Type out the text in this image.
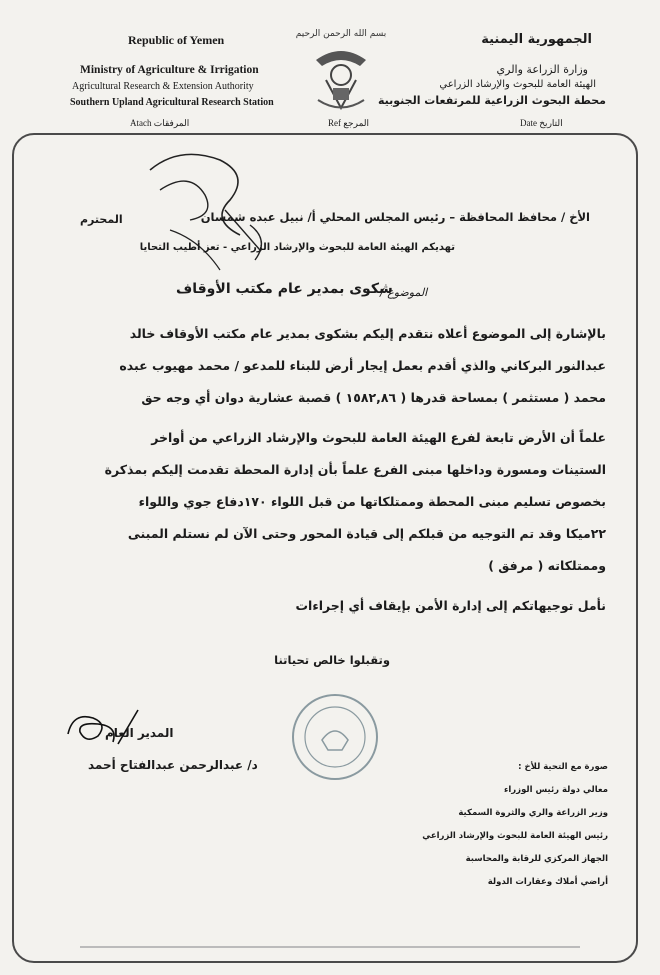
Republic of Yemen
Ministry of Agriculture & Irrigation
Agricultural Research & Extension Authority
Southern Upland Agricultural Research Station
الجمهورية اليمنية
وزارة الزراعة والري
الهيئة العامة للبحوث والإرشاد الزراعي
محطة البحوث الزراعية للمرتفعات الجنوبية
بسم الله الرحمن الرحيم
Atach المرفقات	Ref المرجع	Date التاريخ
الأخ / محافظ المحافظة – رئيس المجلس المحلي أ/ نبيل عبده شمسان
المحترم
تهديكم الهيئة العامة للبحوث والإرشاد الزراعي - تعز أطيب التحايا
الموضوع /
شكوى بمدير عام مكتب الأوقاف
بالإشارة إلى الموضوع أعلاه نتقدم إليكم بشكوى بمدير عام مكتب الأوقاف خالد
عبدالنور البركاني والذي أقدم بعمل إيجار أرض للبناء للمدعو / محمد مهيوب عبده
محمد ( مستثمر ) بمساحة قدرها ( ١٥٨٢,٨٦ ) قصبة عشارية دوان أي وجه حق
علماً أن الأرض تابعة لفرع الهيئة العامة للبحوث والإرشاد الزراعي من أواخر
الستينات ومسورة وداخلها مبنى الفرع علماً بأن إدارة المحطة تقدمت إليكم بمذكرة
بخصوص تسليم مبنى المحطة وممتلكاتها من قبل اللواء ١٧٠دفاع جوي واللواء
٢٢ميكا وقد تم التوجيه من قبلكم إلى قيادة المحور وحتى الآن لم نستلم المبنى
وممتلكاته ( مرفق )
نأمل توجيهاتكم إلى إدارة الأمن بإيقاف أي إجراءات
وتقبلوا خالص تحياتنا
المدير العام
د/ عبدالرحمن عبدالفتاح أحمد	صورة مع التحية للأخ :
معالي دولة رئيس الوزراء
وزير الزراعة والري والثروة السمكية
رئيس الهيئة العامة للبحوث والإرشاد الزراعي
الجهاز المركزي للرقابة والمحاسبة
أراضي أملاك وعقارات الدولة
